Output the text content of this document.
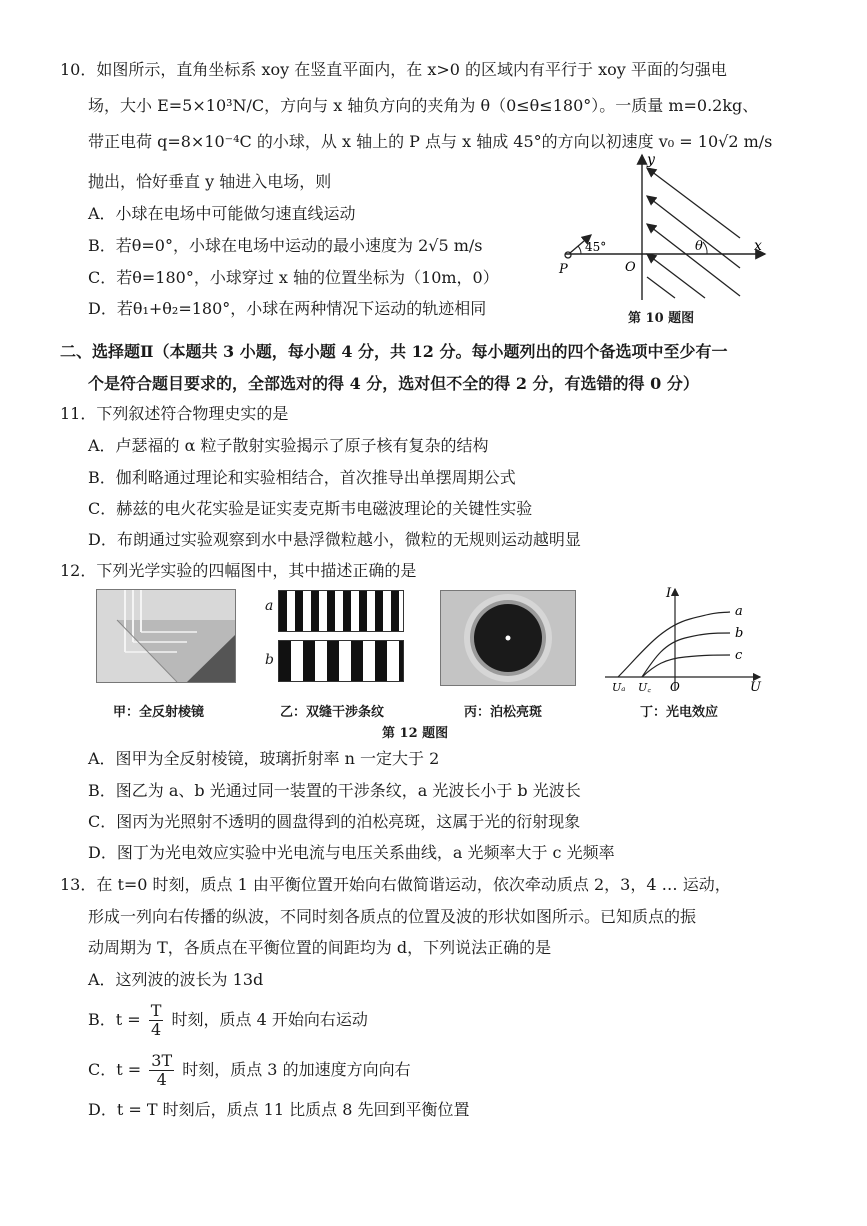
10．如图所示，直角坐标系 xoy 在竖直平面内，在 x>0 的区域内有平行于 xoy 平面的匀强电
场，大小 E=5×10³N/C，方向与 x 轴负方向的夹角为 θ（0≤θ≤180°）。一质量 m=0.2kg、
带正电荷 q=8×10⁻⁴C 的小球，从 x 轴上的 P 点与 x 轴成 45°的方向以初速度 v₀ = 10√2 m/s
抛出，恰好垂直 y 轴进入电场，则
A．小球在电场中可能做匀速直线运动
B．若θ=0°，小球在电场中运动的最小速度为 2√5 m/s
C．若θ=180°，小球穿过 x 轴的位置坐标为（10m，0）
D．若θ₁+θ₂=180°，小球在两种情况下运动的轨迹相同
45°
P	O
y
x
θ
第 10 题图
二、选择题Ⅱ（本题共 3 小题，每小题 4 分，共 12 分。每小题列出的四个备选项中至少有一
个是符合题目要求的，全部选对的得 4 分，选对但不全的得 2 分，有选错的得 0 分）
11．下列叙述符合物理史实的是
A．卢瑟福的 α 粒子散射实验揭示了原子核有复杂的结构
B．伽利略通过理论和实验相结合，首次推导出单摆周期公式
C．赫兹的电火花实验是证实麦克斯韦电磁波理论的关键性实验
D．布朗通过实验观察到水中悬浮微粒越小，微粒的无规则运动越明显
12．下列光学实验的四幅图中，其中描述正确的是
a
b
a
b
c
I
U
O
Uₐ U꜀
甲：全反射棱镜	乙：双缝干涉条纹	丙：泊松亮斑	丁：光电效应
第 12 题图
A．图甲为全反射棱镜，玻璃折射率 n 一定大于 2
B．图乙为 a、b 光通过同一装置的干涉条纹，a 光波长小于 b 光波长
C．图丙为光照射不透明的圆盘得到的泊松亮斑，这属于光的衍射现象
D．图丁为光电效应实验中光电流与电压关系曲线，a 光频率大于 c 光频率
13．在 t=0 时刻，质点 1 由平衡位置开始向右做简谐运动，依次牵动质点 2，3，4 … 运动，
形成一列向右传播的纵波，不同时刻各质点的位置及波的形状如图所示。已知质点的振
动周期为 T，各质点在平衡位置的间距均为 d，下列说法正确的是
A．这列波的波长为 13d
B．$t = \frac{T}{4}$ 时刻，质点 4 开始向右运动
C．$t = \frac{3T}{4}$ 时刻，质点 3 的加速度方向向右
D．t = T 时刻后，质点 11 比质点 8 先回到平衡位置
